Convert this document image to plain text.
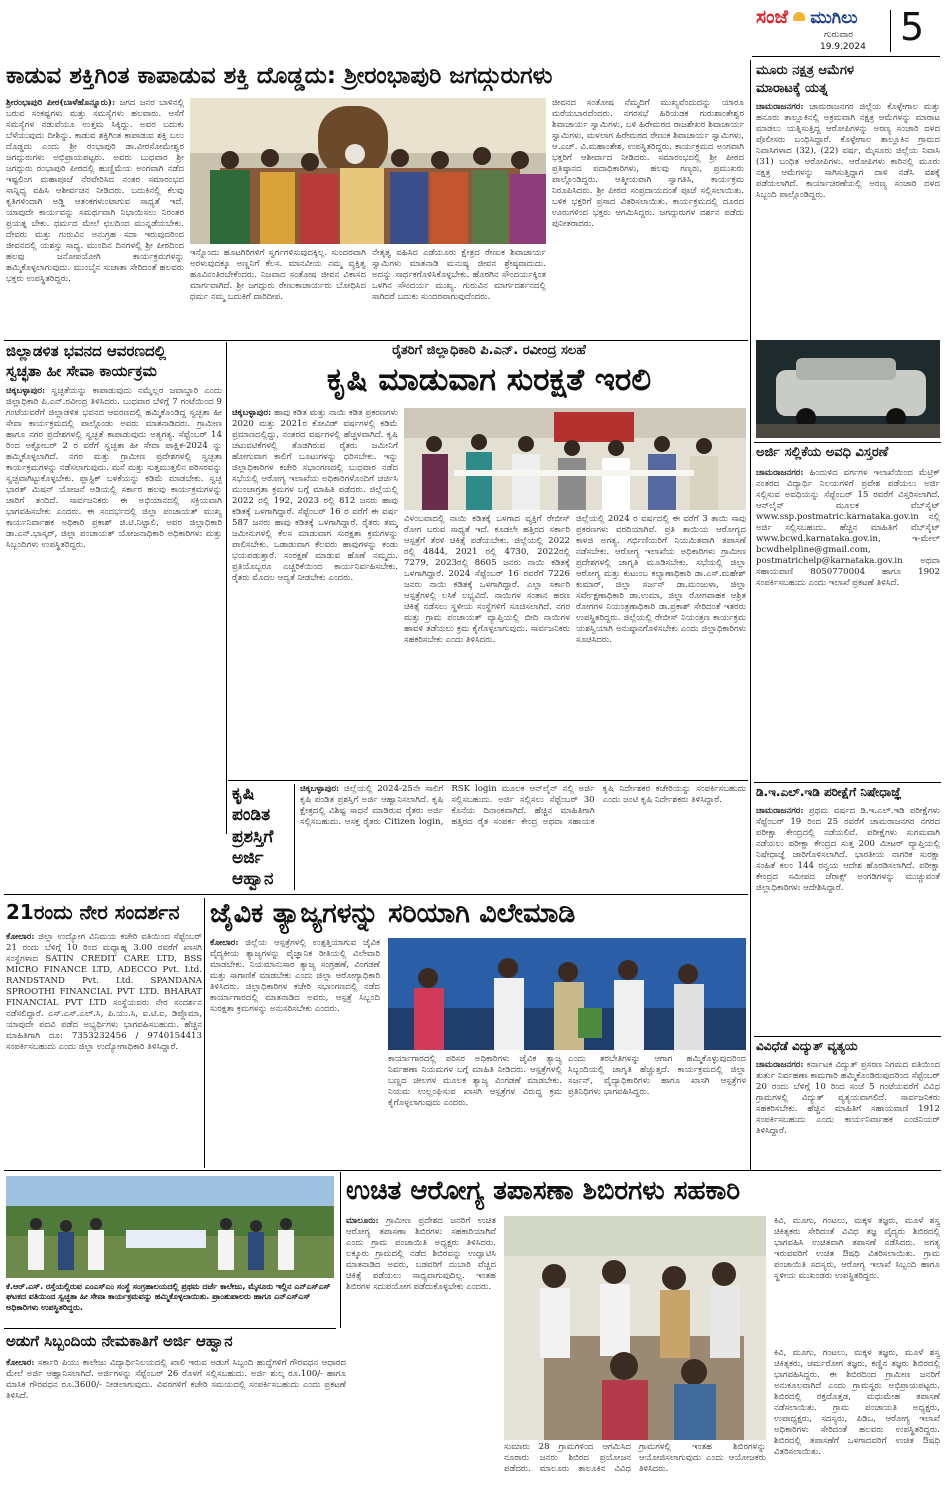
ಸಂಜೆ ಮುಗಿಲು
ಗುರುವಾರ
19.9.2024 5
ಕಾಡುವ ಶಕ್ತಿಗಿಂತ ಕಾಪಾಡುವ ಶಕ್ತಿ ದೊಡ್ಡದು: ಶ್ರೀರಂಭಾಪುರಿ ಜಗದ್ಗುರುಗಳು
ಶ್ರೀರಂಭಾಪುರಿ ಪೀಠ(ಬಾಳೆಹೊನ್ನೂರು): ಜಗದ ಜನರ ಬಾಳಿನಲ್ಲಿ ಬರುವ ಸಂಕಷ್ಟಗಳು ಮತ್ತು ಸಮಸ್ಯೆಗಳು ಹಲವಾರು. ಆಸೆಗೆ ಸಮಸ್ಯೆಗಳ ನಡುವೆಯೂ ಉತ್ತಮ ಸಿಕ್ಕಿದ್ದು. ಅವರ ಬದುಕು ಬೆಳೆಯುವುದು ದೀಶಿನ್ನು. ಕಾಡುವ ಶಕ್ತಿಗಿಂತ ಕಾಪಾಡುವ ಶಕ್ತಿ ಬಲು ದೊಡ್ಡದು ಎಂದು ಶ್ರೀ ರಂಭಾಪುರಿ ಡಾ.ವೀರಸೋಮೇಶ್ವರ ಜಗದ್ಗುರುಗಳು ಅಭಿಪ್ರಾಯಪಟ್ಟರು. ಅವರು ಬುಧವಾರ ಶ್ರೀ ಜಗದ್ಗುರು ರಂಭಾಪುರಿ ಪೀಠದಲ್ಲಿ ಹುಣ್ಣಿಮೆಯ ಅಂಗವಾಗಿ ನಡೆದ ಇಷ್ಟಲಿಂಗ ಮಹಾಪೂಜೆ ನೆರವೇರಿಸಿದ ನಂತರ ಸಮಾರಂಭದ ಸಾನ್ನಿಧ್ಯ ವಹಿಸಿ ಆಶೀರ್ವಚನ ನೀಡಿದರು. ಬದುಕಿನಲ್ಲಿ ಕೆಲವು ಕೃತಿಗಳಿಂದಾಗಿ ಅಡ್ಡಿ ಆತಂಕಗಳುಂಟಾಗುವ ಸಾಧ್ಯತೆ ಇದೆ. ಯಾವುದೇ ಕಾರ್ಯವನ್ನು ಸಮರ್ಥವಾಗಿ ನಿಭಾಯಿಸಲು ನಿರಂತರ ಪ್ರಯತ್ನ ಬೇಕು. ಧರ್ಮದ ಮೇಲೆ ಛಲದಿಂದ ಮುನ್ನಡೆಯಬೇಕು. ದೇವರು ಮತ್ತು ಗುರುವಿನ ಅನುಗ್ರಹ ಸದಾ ಇರುವುದರಿಂದ ಜೀವನದಲ್ಲಿ ಯಶಸ್ಸು ಸಾಧ್ಯ. ಮುಂದಿನ ದಿನಗಳಲ್ಲಿ ಶ್ರೀ ಪೀಠದಿಂದ ಹಲವು ಜನೋಪಯೋಗಿ ಕಾರ್ಯಕ್ರಮಗಳನ್ನು ಹಮ್ಮಿಕೊಳ್ಳಲಾಗುವುದು. ಮುಂಬೈನ ಸುಜಾತಾ ಸೇರಿದಂತೆ ಹಲವರು ಭಕ್ತರು ಉಪಸ್ಥಿತರಿದ್ದರು.
ಇನ್ನೊಂದು ಹೂಟಗಿರಿಗಳಿಗೆ ಸ್ವರ್ಗಗಳಿಸುವುದಕ್ಕಿಲ್ಲ. ಸುಂದರವಾಗಿ ಅರಳುವುದಕ್ಕೂ ಅಣ್ಣನಿಗೆ ಕೆಲಸ. ಮಾನವೀಯ ನಮ್ಮ ವ್ಯಕ್ತಿತ್ವ ಹೂವಿನಂತಿರಬೇಕೆಂದರು. ನಿಜವಾದ ಸಂತೋಷ ಜೀವನ ವಿಕಾಸದ ಮಾರ್ಗವಾಗಿದೆ. ಶ್ರೀ ಜಗದ್ಗುರು ರೇಣುಕಾಚಾರ್ಯರು ಬೋಧಿಸಿದ ಧರ್ಮ ನಮ್ಮ ಬದುಕಿಗೆ ದಾರಿದೀಪ.
ನೇತೃತ್ವ ವಹಿಸಿದ ಎಡೆಯೂರು ಕ್ಷೇತ್ರದ ರೇಣುಕ ಶಿವಾಚಾರ್ಯ ಸ್ವಾಮಿಗಳು ಮಾತನಾಡಿ ಮನುಷ್ಯ ಜೀವನ ಶ್ರೇಷ್ಠವಾದುದು. ಅದನ್ನು ಸಾರ್ಥಕಗೊಳಿಸಿಕೊಳ್ಳಬೇಕು. ಹೊರಗಿನ ಸೌಂದರ್ಯಕ್ಕಿಂತ ಒಳಗಿನ ಸೌಂದರ್ಯ ಮುಖ್ಯ. ಗುರುವಿನ ಮಾರ್ಗದರ್ಶನದಲ್ಲಿ ಸಾಗಿದರೆ ಬದುಕು ಸುಂದರವಾಗುವುದೆಂದರು.
ಜೀವನದ ಸಂತೋಷ ನೆಮ್ಮದಿಗೆ ಮುಖ್ಯವೆಂದುದನ್ನು ಯಾರೂ ಮರೆಯಬಾರದೆಂದರು. ನಗರಸಭೆ ಹಿರಿಯಡಕ ಗುರುಶಾಂತೇಶ್ವರ ಶಿವಾಚಾರ್ಯ ಸ್ವಾಮಿಗಳು, ಬಳಿ ಹಿರೇಮಠದ ರಾಜಶೇಖರ ಶಿವಾಚಾರ್ಯ ಸ್ವಾಮಿಗಳು, ಮಳಲಾಗ ಹಿರೇಮಠದ ರೇಣುಕ ಶಿವಾಚಾರ್ಯ ಸ್ವಾಮಿಗಳು, ಆ.ಎಚ್. ವಿ.ಮಹಾಂತೇಶ, ಉಪಸ್ಥಿತರಿದ್ದರು. ಕಾರ್ಯಕ್ರಮದ ಅಂಗವಾಗಿ ಭಕ್ತರಿಗೆ ಆಶೀರ್ವಾದ ನೀಡಿದರು. ಸಮಾರಂಭದಲ್ಲಿ ಶ್ರೀ ಪೀಠದ ಪ್ರತಿಷ್ಠಾನದ ಪದಾಧಿಕಾರಿಗಳು, ಹಲವು ಗಣ್ಯರು, ಪ್ರಮುಖರು ಪಾಲ್ಗೊಂಡಿದ್ದರು. ಆತ್ಮೀಯವಾಗಿ ಸ್ವಾಗತಿಸಿ, ಕಾರ್ಯಕ್ರಮ ನಿರೂಪಿಸಿದರು. ಶ್ರೀ ಪೀಠದ ಸಂಪ್ರದಾಯದಂತೆ ಪೂಜೆ ಸಲ್ಲಿಸಲಾಯಿತು. ಬಳಿಕ ಭಕ್ತರಿಗೆ ಪ್ರಸಾದ ವಿತರಿಸಲಾಯಿತು. ಕಾರ್ಯಕ್ರಮದಲ್ಲಿ ದೂರದ ಊರುಗಳಿಂದ ಭಕ್ತರು ಆಗಮಿಸಿದ್ದರು. ಜಗದ್ಗುರುಗಳ ದರ್ಶನ ಪಡೆದು ಪುನೀತರಾದರು.
ಜಿಲ್ಲಾಡಳಿತ ಭವನದ ಆವರಣದಲ್ಲಿ
ಸ್ವಚ್ಛತಾ ಹೀ ಸೇವಾ ಕಾರ್ಯಕ್ರಮ
ಚಿಕ್ಕಬಳ್ಳಾಪುರ: ಸ್ವಚ್ಛತೆಯನ್ನು ಕಾಪಾಡುವುದು ನಮ್ಮೆಲ್ಲರ ಜವಾಬ್ದಾರಿ ಎಂದು ಜಿಲ್ಲಾಧಿಕಾರಿ ಪಿ.ಎನ್.ರವೀಂದ್ರ ತಿಳಿಸಿದರು. ಬುಧವಾರ ಬೆಳಿಗ್ಗೆ 7 ಗಂಟೆಯಿಂದ 9 ಗಂಟೆಯವರೆಗೆ ಜಿಲ್ಲಾಡಳಿತ ಭವನದ ಆವರಣದಲ್ಲಿ ಹಮ್ಮಿಕೊಂಡಿದ್ದ ಸ್ವಚ್ಛತಾ ಹೀ ಸೇವಾ ಕಾರ್ಯಕ್ರಮದಲ್ಲಿ ಪಾಲ್ಗೊಂಡು ಅವರು ಮಾತನಾಡಿದರು. ಗ್ರಾಮೀಣ ಹಾಗೂ ನಗರ ಪ್ರದೇಶಗಳಲ್ಲಿ ಸ್ವಚ್ಛತೆ ಕಾಪಾಡುವುದು ಅತ್ಯಗತ್ಯ. ಸೆಪ್ಟೆಂಬರ್ 14 ರಿಂದ ಅಕ್ಟೋಬರ್ 2 ರ ವರೆಗೆ ಸ್ವಚ್ಛತಾ ಹೀ ಸೇವಾ ಪಾಕ್ಷಿಕ-2024 ನ್ನು ಹಮ್ಮಿಕೊಳ್ಳಲಾಗಿದೆ. ನಗರ ಮತ್ತು ಗ್ರಾಮೀಣ ಪ್ರದೇಶಗಳಲ್ಲಿ ಸ್ವಚ್ಛತಾ ಕಾರ್ಯಕ್ರಮಗಳನ್ನು ನಡೆಸಲಾಗುವುದು. ಮನೆ ಮತ್ತು ಸುತ್ತಮುತ್ತಲಿನ ಪರಿಸರವನ್ನು ಸ್ವಚ್ಛವಾಗಿಟ್ಟುಕೊಳ್ಳಬೇಕು. ಪ್ಲಾಸ್ಟಿಕ್ ಬಳಕೆಯನ್ನು ಕಡಿಮೆ ಮಾಡಬೇಕು. ಸ್ವಚ್ಛ ಭಾರತ್ ಮಿಷನ್ ಯೋಜನೆ ಅಡಿಯಲ್ಲಿ ಸರ್ಕಾರ ಹಲವು ಕಾರ್ಯಕ್ರಮಗಳನ್ನು ಜಾರಿಗೆ ತಂದಿದೆ. ಸಾರ್ವಜನಿಕರು ಈ ಅಭಿಯಾನದಲ್ಲಿ ಸಕ್ರಿಯವಾಗಿ ಭಾಗವಹಿಸಬೇಕು ಎಂದರು. ಈ ಸಂದರ್ಭದಲ್ಲಿ ಜಿಲ್ಲಾ ಪಂಚಾಯತ್ ಮುಖ್ಯ ಕಾರ್ಯನಿರ್ವಾಹಕ ಅಧಿಕಾರಿ ಪ್ರಕಾಶ್ ಜಿ.ಟಿ.ನಿಟ್ಟಾಲಿ, ಅಪರ ಜಿಲ್ಲಾಧಿಕಾರಿ ಡಾ.ಎನ್.ಭಾಸ್ಕರ್, ಜಿಲ್ಲಾ ಪಂಚಾಯತ್ ಯೋಜನಾಧಿಕಾರಿ ಅಧಿಕಾರಿಗಳು ಮತ್ತು ಸಿಬ್ಬಂದಿಗಳು ಉಪಸ್ಥಿತರಿದ್ದರು.
ರೈತರಿಗೆ ಜಿಲ್ಲಾಧಿಕಾರಿ ಪಿ.ಎನ್. ರವೀಂದ್ರ ಸಲಹೆ
ಕೃಷಿ ಮಾಡುವಾಗ ಸುರಕ್ಷತೆ ಇರಲಿ
ಚಿಕ್ಕಬಳ್ಳಾಪುರ: ಹಾವು ಕಡಿತ ಮತ್ತು ನಾಯಿ ಕಡಿತ ಪ್ರಕರಣಗಳು 2020 ಮತ್ತು 2021ರ ಕೋವಿಡ್ ವರ್ಷಗಳಲ್ಲಿ ಕಡಿಮೆ ಪ್ರಮಾಣದಲ್ಲಿದ್ದು, ನಂತರದ ವರ್ಷಗಳಲ್ಲಿ ಹೆಚ್ಚಳವಾಗಿದೆ. ಕೃಷಿ ಚಟುವಟಿಕೆಗಳಲ್ಲಿ ತೊಡಗಿರುವ ರೈತರು ಜಮೀನಿಗೆ ಹೋಗುವಾಗ ಕಾಲಿಗೆ ಬೂಟುಗಳನ್ನು ಧರಿಸಬೇಕು. ಇನ್ನು ಜಿಲ್ಲಾಧಿಕಾರಿಗಳ ಕಚೇರಿ ಸಭಾಂಗಣದಲ್ಲಿ ಬುಧವಾರ ನಡೆದ ಸಭೆಯಲ್ಲಿ ಆರೋಗ್ಯ ಇಲಾಖೆಯ ಅಧಿಕಾರಿಗಳೊಂದಿಗೆ ಚರ್ಚಿಸಿ ಮುಂಜಾಗ್ರತಾ ಕ್ರಮಗಳ ಬಗ್ಗೆ ಮಾಹಿತಿ ಪಡೆದರು. ಜಿಲ್ಲೆಯಲ್ಲಿ 2022 ರಲ್ಲಿ 192, 2023 ರಲ್ಲಿ 812 ಜನರು ಹಾವು ಕಡಿತಕ್ಕೆ ಒಳಗಾಗಿದ್ದಾರೆ. ಸೆಪ್ಟೆಂಬರ್ 16 ರ ವರೆಗೆ ಈ ವರ್ಷ 587 ಜನರು ಹಾವು ಕಡಿತಕ್ಕೆ ಒಳಗಾಗಿದ್ದಾರೆ. ರೈತರು ತಮ್ಮ ಜಮೀನುಗಳಲ್ಲಿ ಕೆಲಸ ಮಾಡುವಾಗ ಸುರಕ್ಷತಾ ಕ್ರಮಗಳನ್ನು ಪಾಲಿಸಬೇಕು. ಒಡಾಡುವಾಗ ಕೆಲವರು ಹಾವುಗಳನ್ನು ಕಂಡು ಭಯಪಡುತ್ತಾರೆ. ಸಂರಕ್ಷಣೆ ಮಾಡುವ ಹೊಣೆ ನಮ್ಮದು. ಪ್ರತಿಯೊಬ್ಬರೂ ಎಚ್ಚರಿಕೆಯಿಂದ ಕಾರ್ಯನಿರ್ವಹಿಸಬೇಕು. ರೈತರು ಮೊದಲ ಆದ್ಯತೆ ನೀಡಬೇಕು ಎಂದರು.
ವಿಳಂಬವಾದಲ್ಲಿ ನಾಯಿ ಕಡಿತಕ್ಕೆ ಒಳಗಾದ ವ್ಯಕ್ತಿಗೆ ರೇಬೀಸ್ ರೋಗ ಬರುವ ಸಾಧ್ಯತೆ ಇದೆ. ಕೂಡಲೇ ಹತ್ತಿರದ ಸರ್ಕಾರಿ ಆಸ್ಪತ್ರೆಗೆ ತೆರಳಿ ಚಿಕಿತ್ಸೆ ಪಡೆಯಬೇಕು. ಜಿಲ್ಲೆಯಲ್ಲಿ 2022 ರಲ್ಲಿ 4844, 2021 ರಲ್ಲಿ 4730, 2022ರಲ್ಲಿ 7279, 2023ರಲ್ಲಿ 8605 ಜನರು ನಾಯಿ ಕಡಿತಕ್ಕೆ ಒಳಗಾಗಿದ್ದಾರೆ. 2024 ಸೆಪ್ಟೆಂಬರ್ 16 ರವರೆಗೆ 7226 ಜನರು ನಾಯಿ ಕಡಿತಕ್ಕೆ ಒಳಗಾಗಿದ್ದಾರೆ. ಎಲ್ಲಾ ಸರ್ಕಾರಿ ಆಸ್ಪತ್ರೆಗಳಲ್ಲಿ ಲಸಿಕೆ ಲಭ್ಯವಿದೆ. ನಾಯಿಗಳ ಸಂತಾನ ಹರಣ ಚಿಕಿತ್ಸೆ ನಡೆಸಲು ಸ್ಥಳೀಯ ಸಂಸ್ಥೆಗಳಿಗೆ ಸೂಚಿಸಲಾಗಿದೆ. ನಗರ ಮತ್ತು ಗ್ರಾಮ ಪಂಚಾಯತ್ ವ್ಯಾಪ್ತಿಯಲ್ಲಿ ಬೀದಿ ನಾಯಿಗಳ ಹಾವಳಿ ತಡೆಯಲು ಕ್ರಮ ಕೈಗೊಳ್ಳಲಾಗುವುದು. ಸಾರ್ವಜನಿಕರು ಸಹಕರಿಸಬೇಕು ಎಂದು ತಿಳಿಸಿದರು.
ಜಿಲ್ಲೆಯಲ್ಲಿ 2024 ರ ವರ್ಷದಲ್ಲಿ ಈ ವರೆಗೆ 3 ತಾಯಿ ಸಾವು ಪ್ರಕರಣಗಳು ವರದಿಯಾಗಿವೆ. ಪ್ರತಿ ತಾಯಿಯ ಆರೋಗ್ಯದ ಕಾಳಜಿ ಅಗತ್ಯ. ಗರ್ಭಿಣಿಯರಿಗೆ ನಿಯಮಿತವಾಗಿ ತಪಾಸಣೆ ನಡೆಸಬೇಕು. ಆರೋಗ್ಯ ಇಲಾಖೆಯ ಅಧಿಕಾರಿಗಳು ಗ್ರಾಮೀಣ ಪ್ರದೇಶಗಳಲ್ಲಿ ಜಾಗೃತಿ ಮೂಡಿಸಬೇಕು. ಸಭೆಯಲ್ಲಿ ಜಿಲ್ಲಾ ಆರೋಗ್ಯ ಮತ್ತು ಕುಟುಂಬ ಕಲ್ಯಾಣಾಧಿಕಾರಿ ಡಾ.ಎಸ್.ಮಹೇಶ್ ಕುಮಾರ್, ಜಿಲ್ಲಾ ಸರ್ಜನ್ ಡಾ.ಮಂಜುಳಾ, ಜಿಲ್ಲಾ ಸರ್ವೇಕ್ಷಣಾಧಿಕಾರಿ ಡಾ.ಉಮಾ, ಜಿಲ್ಲಾ ರೋಗವಾಹಕ ಆಶ್ರಿತ ರೋಗಗಳ ನಿಯಂತ್ರಣಾಧಿಕಾರಿ ಡಾ.ಪ್ರಕಾಶ್ ಸೇರಿದಂತೆ ಇತರರು ಉಪಸ್ಥಿತರಿದ್ದರು. ಜಿಲ್ಲೆಯಲ್ಲಿ ರೇಬೀಸ್ ನಿಯಂತ್ರಣ ಕಾರ್ಯಕ್ರಮ ಯಶಸ್ವಿಯಾಗಿ ಅನುಷ್ಠಾನಗೊಳಿಸಬೇಕು ಎಂದು ಜಿಲ್ಲಾಧಿಕಾರಿಗಳು ಸೂಚಿಸಿದರು.
ಕೃಷಿ
ಪಂಡಿತ
ಪ್ರಶಸ್ತಿಗೆ
ಅರ್ಜಿ
ಆಹ್ವಾನ
ಚಿಕ್ಕಬಳ್ಳಾಪುರ: ಜಿಲ್ಲೆಯಲ್ಲಿ 2024-25ನೇ ಸಾಲಿಗೆ ಕೃಷಿ ಪಂಡಿತ ಪ್ರಶಸ್ತಿಗೆ ಅರ್ಜಿ ಆಹ್ವಾನಿಸಲಾಗಿದೆ. ಕೃಷಿ ಕ್ಷೇತ್ರದಲ್ಲಿ ವಿಶಿಷ್ಟ ಸಾಧನೆ ಮಾಡಿರುವ ರೈತರು ಅರ್ಜಿ ಸಲ್ಲಿಸಬಹುದು. ಆಸಕ್ತ ರೈತರು Citizen login, RSK login ಮೂಲಕ ಆನ್‌ಲೈನ್ ನಲ್ಲಿ ಅರ್ಜಿ ಸಲ್ಲಿಸಬಹುದು. ಅರ್ಜಿ ಸಲ್ಲಿಸಲು ಸೆಪ್ಟೆಂಬರ್ 30 ಕೊನೆಯ ದಿನಾಂಕವಾಗಿದೆ. ಹೆಚ್ಚಿನ ಮಾಹಿತಿಗಾಗಿ ಹತ್ತಿರದ ರೈತ ಸಂಪರ್ಕ ಕೇಂದ್ರ ಅಥವಾ ಸಹಾಯಕ ಕೃಷಿ ನಿರ್ದೇಶಕರ ಕಚೇರಿಯನ್ನು ಸಂಪರ್ಕಿಸಬಹುದು ಎಂದು ಜಂಟಿ ಕೃಷಿ ನಿರ್ದೇಶಕರು ತಿಳಿಸಿದ್ದಾರೆ.
21ರಂದು ನೇರ ಸಂದರ್ಶನ
ಕೋಲಾರ: ಜಿಲ್ಲಾ ಉದ್ಯೋಗ ವಿನಿಮಯ ಕಚೇರಿ ವತಿಯಿಂದ ಸೆಪ್ಟೆಂಬರ್ 21 ರಂದು ಬೆಳಿಗ್ಗೆ 10 ರಿಂದ ಮಧ್ಯಾಹ್ನ 3.00 ರವರೆಗೆ ಖಾಸಗಿ ಸಂಸ್ಥೆಗಳಾದ SATIN CREDIT CARE LTD, BSS MICRO FINANCE LTD, ADECCO Pvt. Ltd. RANDSTAND Pvt. Ltd. SPANDANA SPROOTHI FINANCIAL PVT LTD. BHARAT FINANCIAL PVT LTD ಸಂಸ್ಥೆಯವರು ನೇರ ಸಂದರ್ಶನ ನಡೆಸಲಿದ್ದಾರೆ. ಎಸ್.ಎಸ್.ಎಲ್.ಸಿ, ಪಿ.ಯು.ಸಿ, ಐ.ಟಿ.ಐ, ಡಿಪ್ಲೊಮಾ, ಯಾವುದೇ ಪದವಿ ಪಡೆದ ಅಭ್ಯರ್ಥಿಗಳು ಭಾಗವಹಿಸಬಹುದು. ಹೆಚ್ಚಿನ ಮಾಹಿತಿಗಾಗಿ ದೂ: 7353232456 / 9740154413 ಸಂಪರ್ಕಿಸಬಹುದು ಎಂದು ಜಿಲ್ಲಾ ಉದ್ಯೋಗಾಧಿಕಾರಿ ತಿಳಿಸಿದ್ದಾರೆ.
ಜೈವಿಕ ತ್ಯಾಜ್ಯಗಳನ್ನು ಸರಿಯಾಗಿ ವಿಲೇಮಾಡಿ
ಕೋಲಾರ: ಜಿಲ್ಲೆಯ ಆಸ್ಪತ್ರೆಗಳಲ್ಲಿ ಉತ್ಪತ್ತಿಯಾಗುವ ಜೈವಿಕ ವೈದ್ಯಕೀಯ ತ್ಯಾಜ್ಯಗಳನ್ನು ವೈಜ್ಞಾನಿಕ ರೀತಿಯಲ್ಲಿ ವಿಲೇವಾರಿ ಮಾಡಬೇಕು. ನಿಯಮಾನುಸಾರ ತ್ಯಾಜ್ಯ ಸಂಗ್ರಹಣೆ, ವಿಂಗಡಣೆ ಮತ್ತು ಸಾಗಾಣಿಕೆ ಮಾಡಬೇಕು ಎಂದು ಜಿಲ್ಲಾ ಆರೋಗ್ಯಾಧಿಕಾರಿ ತಿಳಿಸಿದರು. ಜಿಲ್ಲಾಧಿಕಾರಿಗಳ ಕಚೇರಿ ಸಭಾಂಗಣದಲ್ಲಿ ನಡೆದ ಕಾರ್ಯಾಗಾರದಲ್ಲಿ ಮಾತನಾಡಿದ ಅವರು, ಆಸ್ಪತ್ರೆ ಸಿಬ್ಬಂದಿ ಸುರಕ್ಷತಾ ಕ್ರಮಗಳನ್ನು ಅನುಸರಿಸಬೇಕು ಎಂದರು.
ಕಾರ್ಯಾಗಾರದಲ್ಲಿ ಪರಿಸರ ಅಧಿಕಾರಿಗಳು ಜೈವಿಕ ತ್ಯಾಜ್ಯ ನಿರ್ವಹಣಾ ನಿಯಮಗಳ ಬಗ್ಗೆ ಮಾಹಿತಿ ನೀಡಿದರು. ಆಸ್ಪತ್ರೆಗಳಲ್ಲಿ ಬಣ್ಣದ ಚೀಲಗಳ ಮೂಲಕ ತ್ಯಾಜ್ಯ ವಿಂಗಡಣೆ ಮಾಡಬೇಕು. ನಿಯಮ ಉಲ್ಲಂಘಿಸುವ ಖಾಸಗಿ ಆಸ್ಪತ್ರೆಗಳ ವಿರುದ್ಧ ಕ್ರಮ ಕೈಗೊಳ್ಳಲಾಗುವುದು ಎಂದರು.
ಎಂದು ತರಬೇತಿಗಳನ್ನು ಆಗಾಗ ಹಮ್ಮಿಕೊಳ್ಳುವುದರಿಂದ ಸಿಬ್ಬಂದಿಯಲ್ಲಿ ಜಾಗೃತಿ ಹೆಚ್ಚುತ್ತದೆ. ಕಾರ್ಯಕ್ರಮದಲ್ಲಿ ಜಿಲ್ಲಾ ಸರ್ಜನ್, ವೈದ್ಯಾಧಿಕಾರಿಗಳು ಹಾಗೂ ಖಾಸಗಿ ಆಸ್ಪತ್ರೆಗಳ ಪ್ರತಿನಿಧಿಗಳು ಭಾಗವಹಿಸಿದ್ದರು.
ಮೂರು ನಕ್ಷತ್ರ ಆಮೆಗಳ
ಮಾರಾಟಕ್ಕೆ ಯತ್ನ
ಚಾಮರಾಜನಗರ: ಚಾಮರಾಜನಗರ ಜಿಲ್ಲೆಯ ಕೊಳ್ಳೇಗಾಲ ಮತ್ತು ಹನೂರು ತಾಲ್ಲೂಕಿನಲ್ಲಿ ಅಕ್ರಮವಾಗಿ ನಕ್ಷತ್ರ ಆಮೆಗಳನ್ನು ಮಾರಾಟ ಮಾಡಲು ಯತ್ನಿಸುತ್ತಿದ್ದ ಆರೋಪಿಗಳನ್ನು ಅರಣ್ಯ ಸಂಚಾರಿ ದಳದ ಪೊಲೀಸರು ಬಂಧಿಸಿದ್ದಾರೆ. ಕೊಳ್ಳೇಗಾಲ ತಾಲ್ಲೂಕಿನ ಗ್ರಾಮದ ನಿವಾಸಿಗಳಾದ (32), (22) ವರ್ಷ, ಮೈಸೂರು ಜಿಲ್ಲೆಯ ನಿವಾಸಿ (31) ಬಂಧಿತ ಆರೋಪಿಗಳು. ಆರೋಪಿಗಳು ಕಾರಿನಲ್ಲಿ ಮೂರು ನಕ್ಷತ್ರ ಆಮೆಗಳನ್ನು ಸಾಗಿಸುತ್ತಿದ್ದಾಗ ದಾಳಿ ನಡೆಸಿ ವಶಕ್ಕೆ ಪಡೆಯಲಾಗಿದೆ. ಕಾರ್ಯಾಚರಣೆಯಲ್ಲಿ ಅರಣ್ಯ ಸಂಚಾರಿ ದಳದ ಸಿಬ್ಬಂದಿ ಪಾಲ್ಗೊಂಡಿದ್ದರು.
ಅರ್ಜಿ ಸಲ್ಲಿಕೆಯ ಅವಧಿ ವಿಸ್ತರಣೆ
ಚಾಮರಾಜನಗರ: ಹಿಂದುಳಿದ ವರ್ಗಗಳ ಇಲಾಖೆಯಿಂದ ಮೆಟ್ರಿಕ್ ನಂತರದ ವಿದ್ಯಾರ್ಥಿ ನಿಲಯಗಳಿಗೆ ಪ್ರವೇಶ ಪಡೆಯಲು ಅರ್ಜಿ ಸಲ್ಲಿಸುವ ಅವಧಿಯನ್ನು ಸೆಪ್ಟೆಂಬರ್ 15 ರವರೆಗೆ ವಿಸ್ತರಿಸಲಾಗಿದೆ. ಆನ್‌ಲೈನ್ ಮೂಲಕ ವೆಬ್‌ಸೈಟ್ www.ssp.postmatric.karnataka.gov.in ನಲ್ಲಿ ಅರ್ಜಿ ಸಲ್ಲಿಸಬಹುದು. ಹೆಚ್ಚಿನ ಮಾಹಿತಿಗೆ ವೆಬ್‌ಸೈಟ್ www.bcwd.karnataka.gov.in, ಇ-ಮೇಲ್ bcwdhelpline@gmail.com, postmatrichelp@karnataka.gov.in ಅಥವಾ ಸಹಾಯವಾಣಿ 8050770004 ಹಾಗೂ 1902 ಸಂಪರ್ಕಿಸಬಹುದು ಎಂದು ಇಲಾಖೆ ಪ್ರಕಟಣೆ ತಿಳಿಸಿದೆ.
ಡಿ.ಇ.ಎಲ್.ಇಡಿ ಪರೀಕ್ಷೆಗೆ ನಿಷೇಧಾಜ್ಞೆ
ಚಾಮರಾಜನಗರ: ಪ್ರಥಮ ವರ್ಷದ ಡಿ.ಇ.ಎಲ್.ಇಡಿ ಪರೀಕ್ಷೆಗಳು ಸೆಪ್ಟೆಂಬರ್ 19 ರಿಂದ 25 ರವರೆಗೆ ಚಾಮರಾಜನಗರ ನಗರದ ಪರೀಕ್ಷಾ ಕೇಂದ್ರದಲ್ಲಿ ನಡೆಯಲಿವೆ. ಪರೀಕ್ಷೆಗಳು ಸುಗಮವಾಗಿ ನಡೆಯಲು ಪರೀಕ್ಷಾ ಕೇಂದ್ರದ ಸುತ್ತ 200 ಮೀಟರ್ ವ್ಯಾಪ್ತಿಯಲ್ಲಿ ನಿಷೇಧಾಜ್ಞೆ ಜಾರಿಗೊಳಿಸಲಾಗಿದೆ. ಭಾರತೀಯ ನಾಗರಿಕ ಸುರಕ್ಷಾ ಸಂಹಿತೆ ಕಲಂ 144 ರನ್ವಯ ಆದೇಶ ಹೊರಡಿಸಲಾಗಿದೆ. ಪರೀಕ್ಷಾ ಕೇಂದ್ರದ ಸಮೀಪದ ಜೆರಾಕ್ಸ್ ಅಂಗಡಿಗಳನ್ನು ಮುಚ್ಚುವಂತೆ ಜಿಲ್ಲಾಧಿಕಾರಿಗಳು ಆದೇಶಿಸಿದ್ದಾರೆ.
ವಿವಿಧೆಡೆ ವಿದ್ಯುತ್ ವ್ಯತ್ಯಯ
ಚಾಮರಾಜನಗರ: ಕರ್ನಾಟಕ ವಿದ್ಯುತ್ ಪ್ರಸರಣ ನಿಗಮದ ವತಿಯಿಂದ ತುರ್ತು ನಿರ್ವಹಣಾ ಕಾಮಗಾರಿ ಹಮ್ಮಿಕೊಂಡಿರುವುದರಿಂದ ಸೆಪ್ಟೆಂಬರ್ 20 ರಂದು ಬೆಳಿಗ್ಗೆ 10 ರಿಂದ ಸಂಜೆ 5 ಗಂಟೆಯವರೆಗೆ ವಿವಿಧ ಗ್ರಾಮಗಳಲ್ಲಿ ವಿದ್ಯುತ್ ವ್ಯತ್ಯಯವಾಗಲಿದೆ. ಸಾರ್ವಜನಿಕರು ಸಹಕರಿಸಬೇಕು. ಹೆಚ್ಚಿನ ಮಾಹಿತಿಗೆ ಸಹಾಯವಾಣಿ 1912 ಸಂಪರ್ಕಿಸಬಹುದು ಎಂದು ಕಾರ್ಯನಿರ್ವಾಹಕ ಎಂಜಿನಿಯರ್ ತಿಳಿಸಿದ್ದಾರೆ.
ಕೆ.ಆರ್.ಎಸ್. ರಸ್ತೆಯಲ್ಲಿರುವ ಎಂಎಸ್‌ಎಂ ಸಂಸ್ಥೆ ಸಂಗ್ರಹಾಲಯದಲ್ಲಿ ಪ್ರಥಮ ದರ್ಜೆ ಕಾಲೇಜು, ಮೈಸೂರು ಇಲ್ಲಿನ ಎನ್‌ಎಸ್‌ಎಸ್ ಘಟಕದ ವತಿಯಿಂದ ಸ್ವಚ್ಛತಾ ಹೀ ಸೇವಾ ಕಾರ್ಯಕ್ರಮವನ್ನು ಹಮ್ಮಿಕೊಳ್ಳಲಾಯಿತು. ಪ್ರಾಂಶುಪಾಲರು ಹಾಗೂ ಎನ್‌ಎಸ್‌ಎಸ್ ಅಧಿಕಾರಿಗಳು ಉಪಸ್ಥಿತರಿದ್ದರು.
ಅಡುಗೆ ಸಿಬ್ಬಂದಿಯ ನೇಮಕಾತಿಗೆ ಅರ್ಜಿ ಆಹ್ವಾನ
ಕೋಲಾರ: ಸರ್ಕಾರಿ ಪಿಯು ಕಾಲೇಜು ವಿದ್ಯಾರ್ಥಿನಿಲಯದಲ್ಲಿ ಖಾಲಿ ಇರುವ ಅಡುಗೆ ಸಿಬ್ಬಂದಿ ಹುದ್ದೆಗಳಿಗೆ ಗೌರವಧನ ಆಧಾರದ ಮೇಲೆ ಅರ್ಜಿ ಆಹ್ವಾನಿಸಲಾಗಿದೆ. ಅರ್ಜಿಗಳನ್ನು ಸೆಪ್ಟೆಂಬರ್ 26 ರೊಳಗೆ ಸಲ್ಲಿಸಬಹುದು. ಅರ್ಜಿ ಶುಲ್ಕ ರೂ.100/- ಹಾಗೂ ಮಾಸಿಕ ಗೌರವಧನ ರೂ.3600/- ನೀಡಲಾಗುವುದು. ವಿವರಗಳಿಗೆ ಕಚೇರಿ ಸಮಯದಲ್ಲಿ ಸಂಪರ್ಕಿಸಬಹುದು ಎಂದು ಪ್ರಕಟಣೆ ತಿಳಿಸಿದೆ.
ಉಚಿತ ಆರೋಗ್ಯ ತಪಾಸಣಾ ಶಿಬಿರಗಳು ಸಹಕಾರಿ
ಮಾಲೂರು: ಗ್ರಾಮೀಣ ಪ್ರದೇಶದ ಜನರಿಗೆ ಉಚಿತ ಆರೋಗ್ಯ ತಪಾಸಣಾ ಶಿಬಿರಗಳು ಸಹಕಾರಿಯಾಗಿವೆ ಎಂದು ಗ್ರಾಮ ಪಂಚಾಯಿತಿ ಅಧ್ಯಕ್ಷರು ತಿಳಿಸಿದರು. ಲಕ್ಕೂರು ಗ್ರಾಮದಲ್ಲಿ ನಡೆದ ಶಿಬಿರವನ್ನು ಉದ್ಘಾಟಿಸಿ ಮಾತನಾಡಿದ ಅವರು, ಬಡವರಿಗೆ ದುಬಾರಿ ವೆಚ್ಚದ ಚಿಕಿತ್ಸೆ ಪಡೆಯಲು ಸಾಧ್ಯವಾಗುವುದಿಲ್ಲ. ಇಂತಹ ಶಿಬಿರಗಳ ಸದುಪಯೋಗ ಪಡೆದುಕೊಳ್ಳಬೇಕು ಎಂದರು.
ಸುಮಾರು 28 ಗ್ರಾಮಗಳಿಂದ ಆಗಮಿಸಿದ ನೂರಾರು ಜನರು ಶಿಬಿರದ ಪ್ರಯೋಜನ ಪಡೆದರು. ಮಾಲೂರು ತಾಲೂಕಿನ ವಿವಿಧ ಗ್ರಾಮಗಳಲ್ಲಿ ಇಂತಹ ಶಿಬಿರಗಳನ್ನು ಆಯೋಜಿಸಲಾಗುವುದು ಎಂದು ಆಯೋಜಕರು ತಿಳಿಸಿದರು.
ಕಿವಿ, ಮೂಗು, ಗಂಟಲು, ಮಕ್ಕಳ ತಜ್ಞರು, ಮೂಳೆ ಶಸ್ತ್ರ ಚಿಕಿತ್ಸಕರು ಸೇರಿದಂತೆ ವಿವಿಧ ತಜ್ಞ ವೈದ್ಯರು ಶಿಬಿರದಲ್ಲಿ ಭಾಗವಹಿಸಿ ಉಚಿತವಾಗಿ ತಪಾಸಣೆ ನಡೆಸಿದರು. ಅಗತ್ಯ ಇರುವವರಿಗೆ ಉಚಿತ ಔಷಧಿ ವಿತರಿಸಲಾಯಿತು. ಗ್ರಾಮ ಪಂಚಾಯಿತಿ ಸದಸ್ಯರು, ಆರೋಗ್ಯ ಇಲಾಖೆ ಸಿಬ್ಬಂದಿ ಹಾಗೂ ಸ್ಥಳೀಯ ಮುಖಂಡರು ಉಪಸ್ಥಿತರಿದ್ದರು.
ಕಿವಿ, ಮೂಗು, ಗಂಟಲು, ಮಕ್ಕಳ ತಜ್ಞರು, ಮೂಳೆ ಶಸ್ತ್ರ ಚಿಕಿತ್ಸಕರು, ಚರ್ಮರೋಗ ತಜ್ಞರು, ಕಣ್ಣಿನ ತಜ್ಞರು ಶಿಬಿರದಲ್ಲಿ ಭಾಗವಹಿಸಿದ್ದರು. ಈ ಶಿಬಿರದಿಂದ ಗ್ರಾಮೀಣ ಜನರಿಗೆ ಅನುಕೂಲವಾಗಿದೆ ಎಂದು ಗ್ರಾಮಸ್ಥರು ಅಭಿಪ್ರಾಯಪಟ್ಟರು. ಶಿಬಿರದಲ್ಲಿ ರಕ್ತದೊತ್ತಡ, ಮಧುಮೇಹ ತಪಾಸಣೆ ನಡೆಸಲಾಯಿತು. ಗ್ರಾಮ ಪಂಚಾಯತಿ ಅಧ್ಯಕ್ಷರು, ಉಪಾಧ್ಯಕ್ಷರು, ಸದಸ್ಯರು, ಪಿಡಿಒ, ಆರೋಗ್ಯ ಇಲಾಖೆ ಅಧಿಕಾರಿಗಳು ಸೇರಿದಂತೆ ಹಲವರು ಉಪಸ್ಥಿತರಿದ್ದರು. ಶಿಬಿರದಲ್ಲಿ ತಪಾಸಣೆಗೆ ಒಳಗಾದವರಿಗೆ ಉಚಿತ ಔಷಧಿ ವಿತರಿಸಲಾಯಿತು.
